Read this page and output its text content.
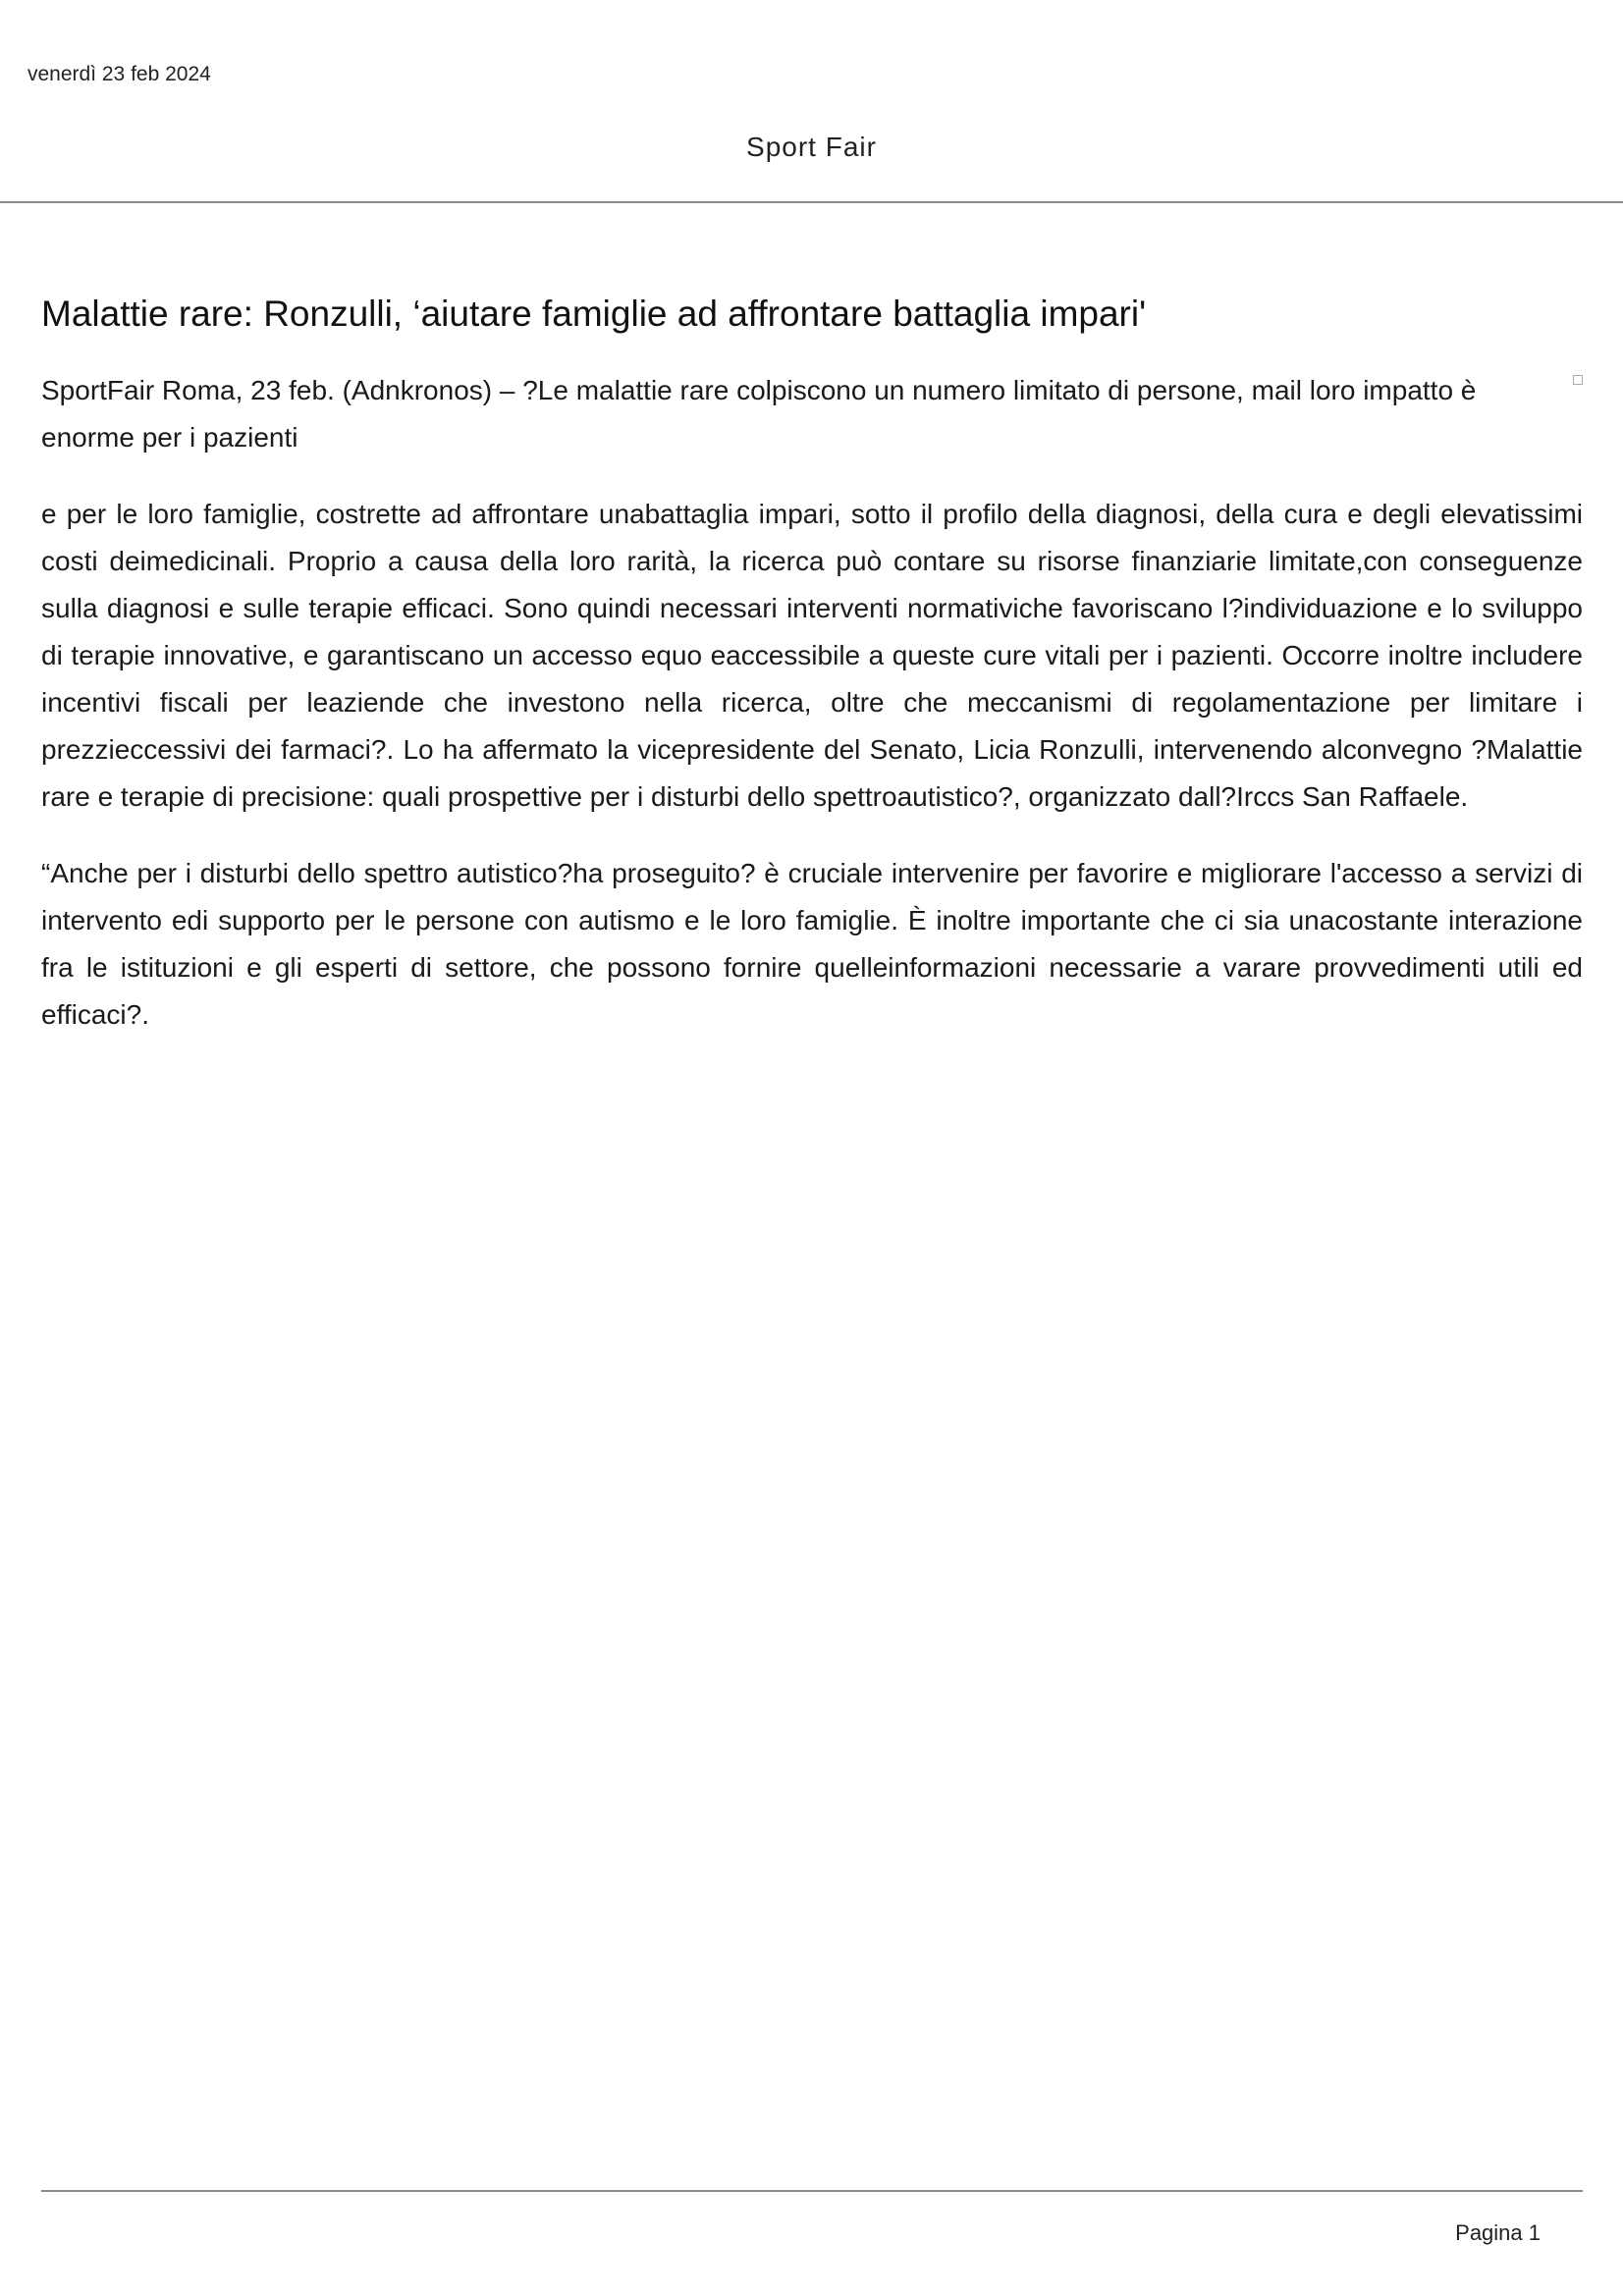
venerdì 23 feb 2024
Sport Fair
Malattie rare: Ronzulli, ‘aiutare famiglie ad affrontare battaglia impari'

SportFair Roma, 23 feb. (Adnkronos) – ?Le malattie rare colpiscono un numero limitato di persone, mail loro impatto è enorme per i pazienti

e per le loro famiglie, costrette ad affrontare unabattaglia impari, sotto il profilo della diagnosi, della cura e degli elevatissimi costi deimedicinali. Proprio a causa della loro rarità, la ricerca può contare su risorse finanziarie limitate,con conseguenze sulla diagnosi e sulle terapie efficaci. Sono quindi necessari interventi normativiche favoriscano l?individuazione e lo sviluppo di terapie innovative, e garantiscano un accesso equo eaccessibile a queste cure vitali per i pazienti. Occorre inoltre includere incentivi fiscali per leaziende che investono nella ricerca, oltre che meccanismi di regolamentazione per limitare i prezzieccessivi dei farmaci?. Lo ha affermato la vicepresidente del Senato, Licia Ronzulli, intervenendo alconvegno ?Malattie rare e terapie di precisione: quali prospettive per i disturbi dello spettroautistico?, organizzato dall?Irccs San Raffaele.

“Anche per i disturbi dello spettro autistico?ha proseguito? è cruciale intervenire per favorire e migliorare l'accesso a servizi di intervento edi supporto per le persone con autismo e le loro famiglie. È inoltre importante che ci sia unacostante interazione fra le istituzioni e gli esperti di settore, che possono fornire quelleinformazioni necessarie a varare provvedimenti utili ed efficaci?.

Pagina 1
